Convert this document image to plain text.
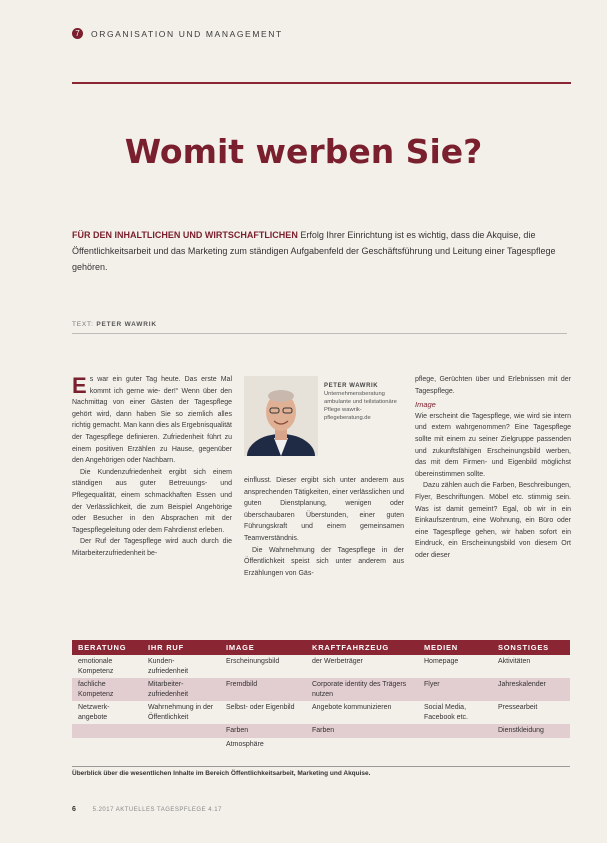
7	ORGANISATION UND MANAGEMENT
Womit werben Sie?
FÜR DEN INHALTLICHEN UND WIRTSCHAFTLICHEN Erfolg Ihrer Einrichtung ist es wichtig, dass die Akquise, die Öffentlichkeitsarbeit und das Marketing zum ständigen Aufgabenfeld der Geschäftsführung und Leitung einer Tagespflege gehören.
TEXT: PETER WAWRIK
E s war ein guter Tag heute. Das erste Mal kommt ich gerne wie- der!“ Wenn über den Nachmittag von einer Gästen der Tagespflege gehört wird, dann haben Sie so ziemlich alles richtig gemacht. Man kann dies als Ergebnisqualität der Tagespflege definieren. Zufriedenheit führt zu einem positiven Erzählen zu Hause, gegenüber den Angehörigen oder Nachbarn.

Die Kundenzufriedenheit ergibt sich einem ständigen aus guter Betreuungs- und Pflegequalität, einem schmackhaften Essen und der Verlässlichkeit, die zum Beispiel Angehörige oder Besucher in den Absprachen mit der Tagespflegeleitung oder dem Fahrdienst erleben.

Der Ruf der Tagespflege wird auch durch die Mitarbeiterzufriedenheit be-

PETER WAWRIK
Unternehmensberatung ambulante und teilstationäre Pflege wawrik-pflegeberatung.de

einflusst. Dieser ergibt sich unter anderem aus ansprechenden Tätigkeiten, einer verlässlichen und guten Dienstplanung, wenigen oder überschaubaren Überstunden, einer guten Führungskraft und einem gemeinsamen Teamverständnis.

Die Wahrnehmung der Tagespflege in der Öffentlichkeit speist sich unter anderem aus Erzählungen von Gäs-

pflege, Gerüchten über und Erlebnissen mit der Tagespflege.

Image

Wie erscheint die Tagespflege, wie wird sie intern und extern wahrgenommen? Eine Tagespflege sollte mit einem zu seiner Zielgruppe passenden und zukunftsfähigen Erscheinungsbild werben, das mit dem Firmen- und Eigenbild möglichst übereinstimmen sollte.

Dazu zählen auch die Farben, Beschreibungen, Flyer, Beschriftungen. Möbel etc. stimmig sein. Was ist damit gemeint? Egal, ob wir in ein Einkaufszentrum, eine Wohnung, ein Büro oder eine Tagespflege gehen, wir haben sofort ein Eindruck, ein Erscheinungsbild von diesem Ort oder dieser

BERATUNG	IHR RUF	IMAGE	KRAFTFAHRZEUG	MEDIEN	SONSTIGES
emotionale Kompetenz	Kunden- zufriedenheit	Erscheinungsbild	der Werbeträger	Homepage	Aktivitäten
fachliche Kompetenz	Mitarbeiter- zufriedenheit	Fremdbild	Corporate identity des Trägers nutzen	Flyer	Jahreskalender
Netzwerk- angebote	Wahrnehmung in der Öffentlichkeit	Selbst- oder Eigenbild	Angebote kommunizieren	Social Media, Facebook etc.	Pressearbeit
		Farben	Farben		Dienstkleidung
		Atmosphäre			
Überblick über die wesentlichen Inhalte im Bereich Öffentlichkeitsarbeit, Marketing und Akquise.
6	5.2017 AKTUELLES TAGESPFLEGE 4.17
